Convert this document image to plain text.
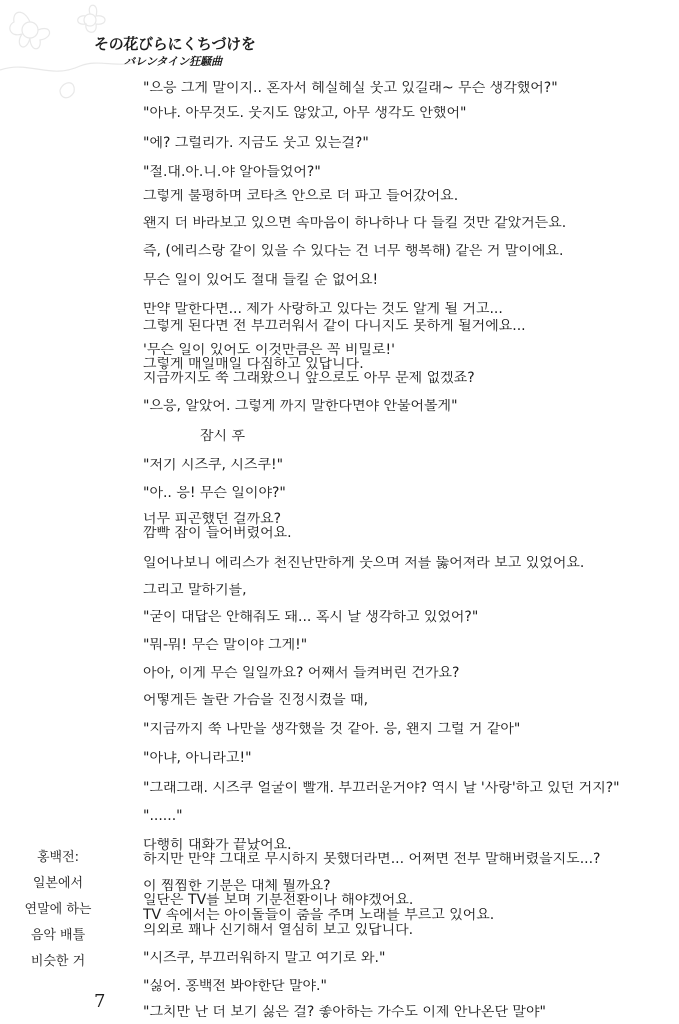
その花びらにくちづけを
バレンタイン狂騒曲
"으응 그게 말이지.. 혼자서 헤실헤실 웃고 있길래~ 무슨 생각했어?"
"아냐. 아무것도. 웃지도 않았고, 아무 생각도 안했어"
"에? 그럴리가. 지금도 웃고 있는걸?"
"절.대.아.니.야 알아들었어?"
그렇게 불평하며 코타츠 안으로 더 파고 들어갔어요.
왠지 더 바라보고 있으면 속마음이 하나하나 다 들킬 것만 같았거든요.
즉, (에리스랑 같이 있을 수 있다는 건 너무 행복해) 같은 거 말이에요.
무슨 일이 있어도 절대 들킬 순 없어요!
만약 말한다면... 제가 사랑하고 있다는 것도 알게 될 거고...
그렇게 된다면 전 부끄러워서 같이 다니지도 못하게 될거에요...
'무슨 일이 있어도 이것만큼은 꼭 비밀로!'
그렇게 매일매일 다짐하고 있답니다.
지금까지도 쭉 그래왔으니 앞으로도 아무 문제 없겠죠?
"으응, 알았어. 그렇게 까지 말한다면야 안물어볼게"
잠시 후
"저기 시즈쿠, 시즈쿠!"
"아.. 응! 무슨 일이야?"
너무 피곤했던 걸까요?
깜빡 잠이 들어버렸어요.
일어나보니 에리스가 천진난만하게 웃으며 저를 뚫어져라 보고 있었어요.
그리고 말하기를,
"굳이 대답은 안해줘도 돼... 혹시 날 생각하고 있었어?"
"뭐-뭐! 무슨 말이야 그게!"
아아, 이게 무슨 일일까요? 어째서 들켜버린 건가요?
어떻게든 놀란 가슴을 진정시켰을 때,
"지금까지 쭉 나만을 생각했을 것 같아. 응, 왠지 그럴 거 같아"
"아냐, 아니라고!"
"그래그래. 시즈쿠 얼굴이 빨개. 부끄러운거야? 역시 날 '사랑'하고 있던 거지?"
"......"
다행히 대화가 끝났어요.
하지만 만약 그대로 무시하지 못했더라면... 어쩌면 전부 말해버렸을지도...?
이 찜찜한 기분은 대체 뭘까요?
일단은 TV를 보며 기분전환이나 해야겠어요.
TV 속에서는 아이돌들이 춤을 추며 노래를 부르고 있어요.
의외로 꽤나 신기해서 열심히 보고 있답니다.
"시즈쿠, 부끄러워하지 말고 여기로 와."
"싫어. 홍백전 봐야한단 말야."
"그치만 난 더 보기 싫은 걸? 좋아하는 가수도 이제 안나온단 말야"
홍백전:
일본에서
연말에 하는
음악 배틀
비슷한 거
7
